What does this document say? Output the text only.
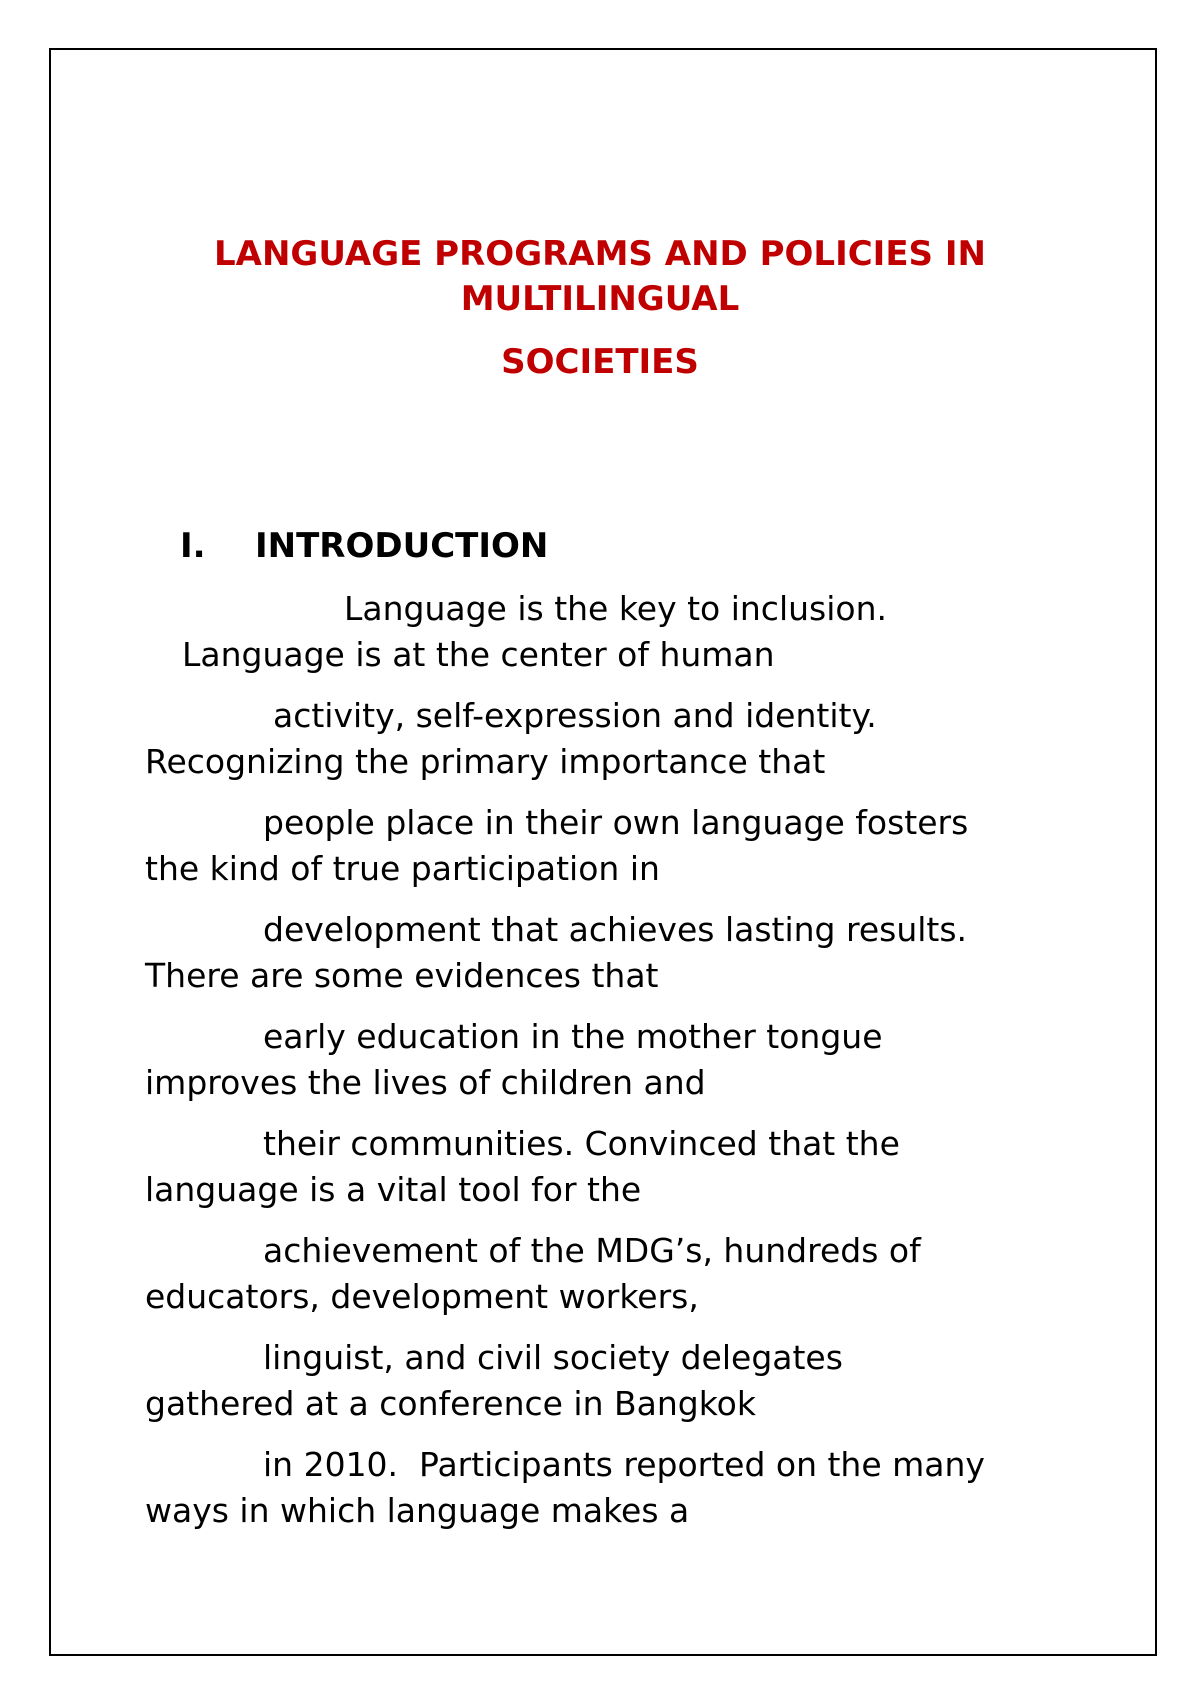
LANGUAGE PROGRAMS AND POLICIES IN
MULTILINGUAL
SOCIETIES
I. INTRODUCTION

Language is the key to inclusion.
Language is at the center of human

activity, self-expression and identity.
Recognizing the primary importance that

people place in their own language fosters
the kind of true participation in

development that achieves lasting results.
There are some evidences that

early education in the mother tongue
improves the lives of children and

their communities. Convinced that the
language is a vital tool for the

achievement of the MDG’s, hundreds of
educators, development workers,

linguist, and civil society delegates
gathered at a conference in Bangkok

in 2010.  Participants reported on the many
ways in which language makes a
